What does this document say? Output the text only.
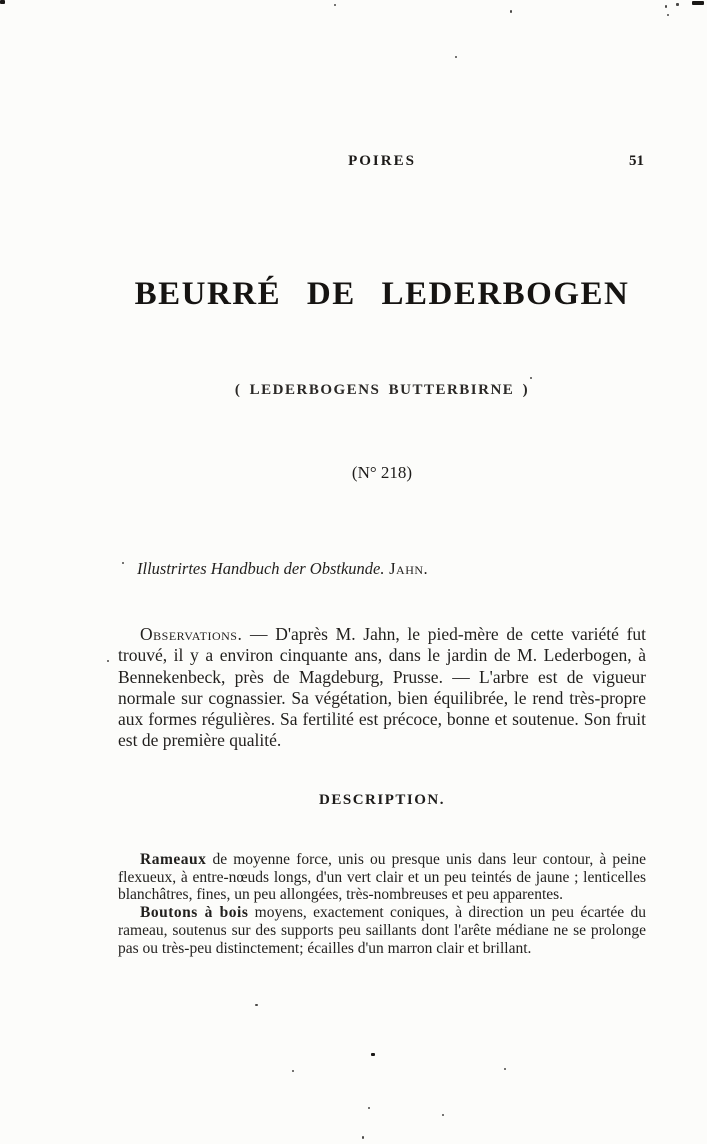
POIRES	51
BEURRÉ DE LEDERBOGEN
( LEDERBOGENS BUTTERBIRNE )
(N° 218)
Illustrirtes Handbuch der Obstkunde. Jahn.
Observations. — D'après M. Jahn, le pied-mère de cette variété fut trouvé, il y a environ cinquante ans, dans le jardin de M. Lederbogen, à Bennekenbeck, près de Magdeburg, Prusse. — L'arbre est de vigueur normale sur cognassier. Sa végétation, bien équilibrée, le rend très-propre aux formes régulières. Sa fertilité est précoce, bonne et soutenue. Son fruit est de première qualité.
DESCRIPTION.

Rameaux de moyenne force, unis ou presque unis dans leur contour, à peine flexueux, à entre-nœuds longs, d'un vert clair et un peu teintés de jaune ; lenticelles blanchâtres, fines, un peu allongées, très-nombreuses et peu apparentes.

Boutons à bois moyens, exactement coniques, à direction un peu écartée du rameau, soutenus sur des supports peu saillants dont l'arête médiane ne se prolonge pas ou très-peu distinctement; écailles d'un marron clair et brillant.
